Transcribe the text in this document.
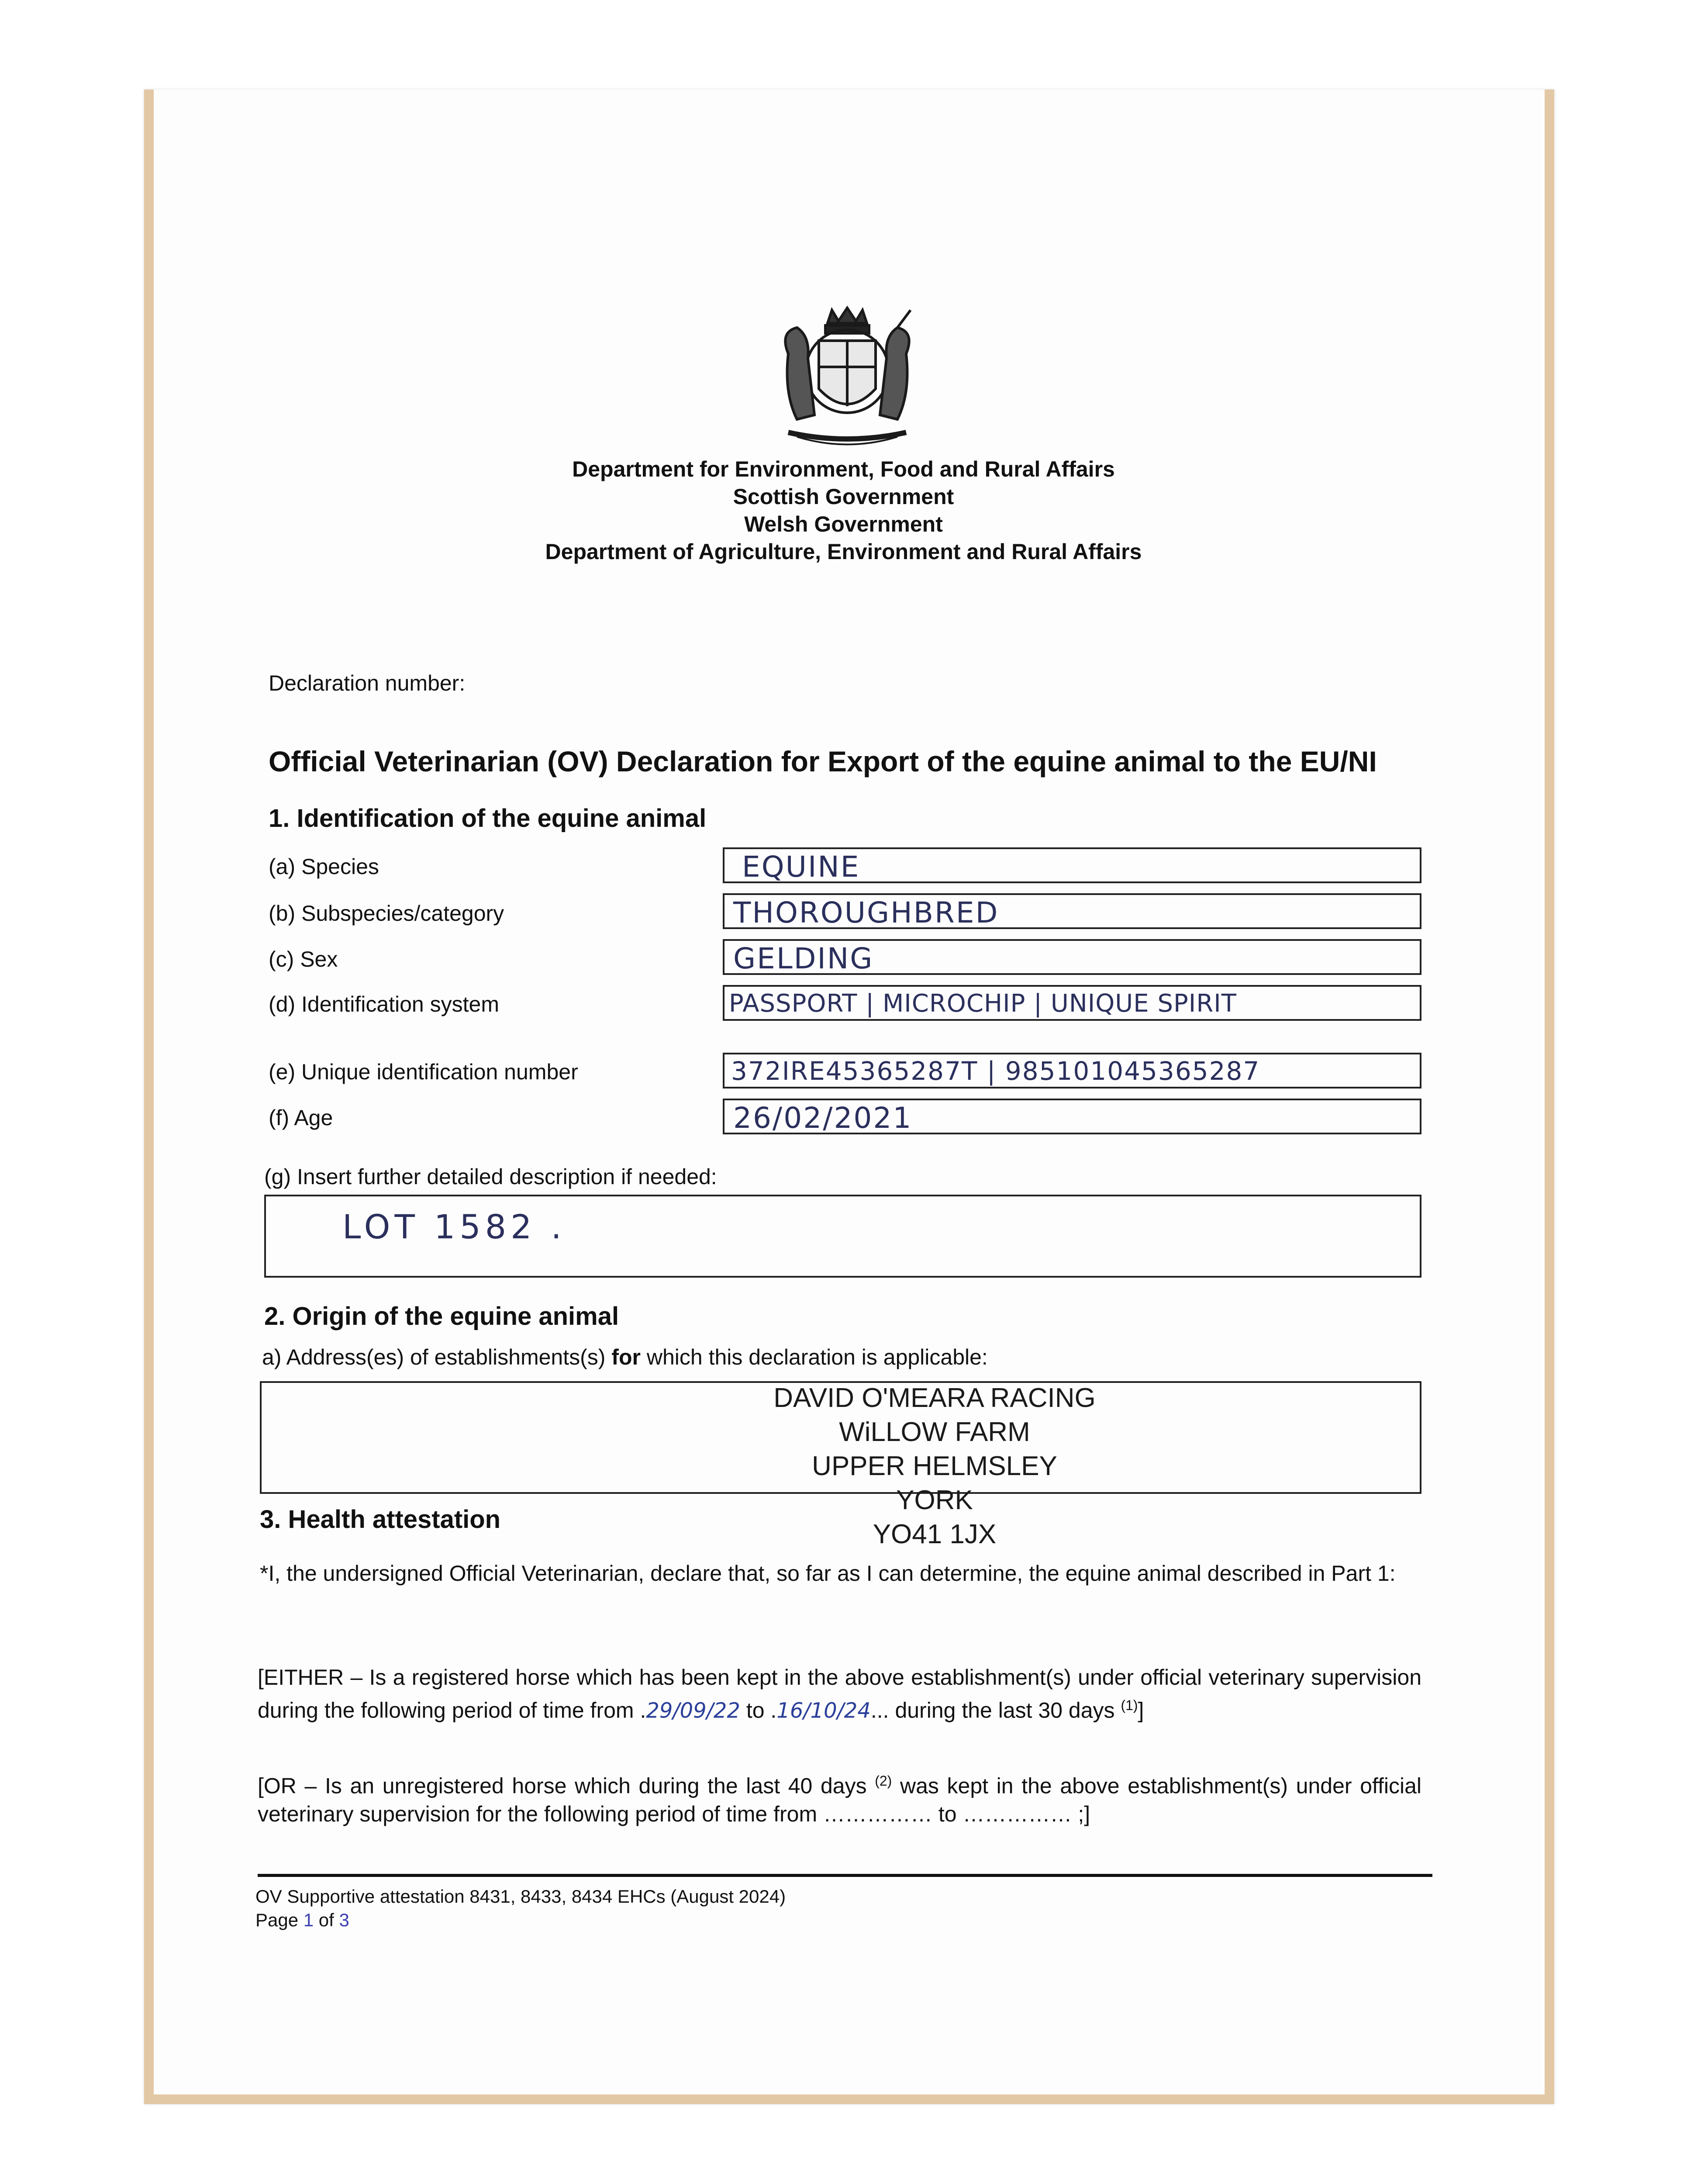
Department for Environment, Food and Rural Affairs
Scottish Government
Welsh Government
Department of Agriculture, Environment and Rural Affairs
Declaration number:
Official Veterinarian (OV) Declaration for Export of the equine animal to the EU/NI
1. Identification of the equine animal
(a) Species
(b) Subspecies/category
(c) Sex
(d) Identification system
(e) Unique identification number
(f) Age
EQUINE
THOROUGHBRED
GELDING
PASSPORT | MICROCHIP | UNIQUE SPIRIT
372IRE45365287T | 985101045365287
26/02/2021
(g) Insert further detailed description if needed:
LOT 1582 .
2. Origin of the equine animal
a) Address(es) of establishments(s) for which this declaration is applicable:
DAVID O'MEARA RACING
WiLLOW FARM
UPPER HELMSLEY
YORK
YO41 1JX
3. Health attestation
*I, the undersigned Official Veterinarian, declare that, so far as I can determine, the equine animal described in Part 1:
[EITHER – Is a registered horse which has been kept in the above establishment(s) under official veterinary supervision during the following period of time from .29/09/22 to .16/10/24... during the last 30 days $^{(1)}$]
[OR – Is an unregistered horse which during the last 40 days $^{(2)}$ was kept in the above establishment(s) under official veterinary supervision for the following period of time from …………… to …………… ;]
OV Supportive attestation 8431, 8433, 8434 EHCs (August 2024)
Page 1 of 3
